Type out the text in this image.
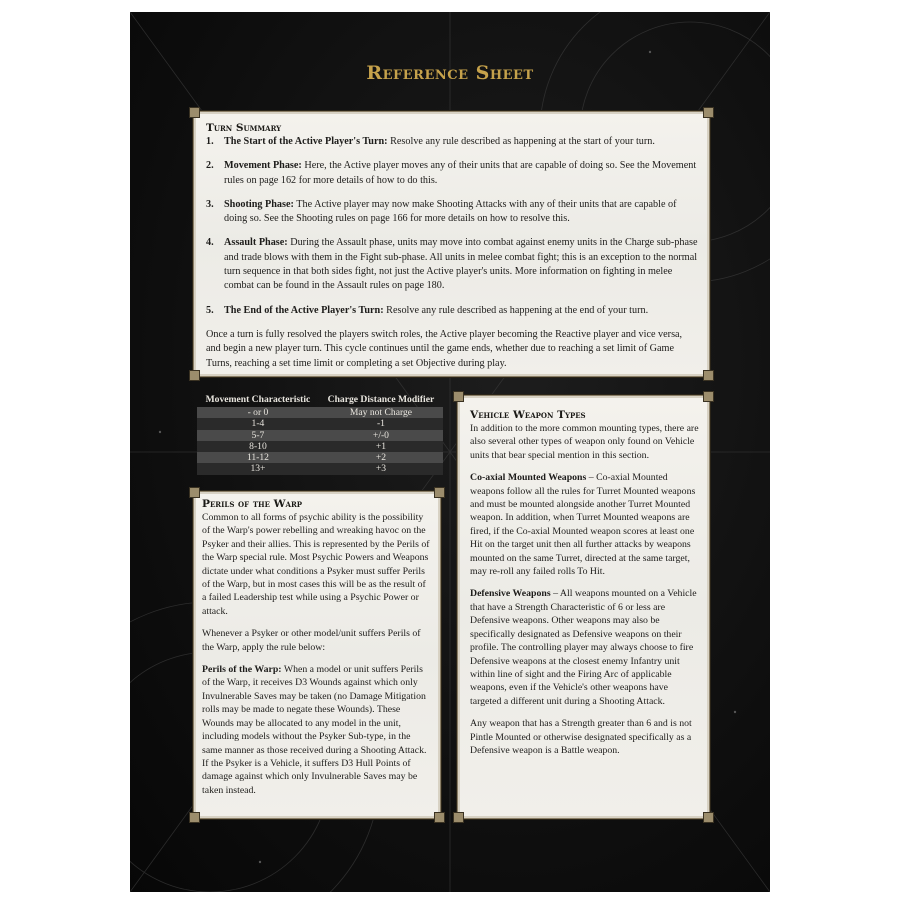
Reference Sheet
Turn Summary
1. The Start of the Active Player's Turn: Resolve any rule described as happening at the start of your turn.
2. Movement Phase: Here, the Active player moves any of their units that are capable of doing so. See the Movement rules on page 162 for more details of how to do this.
3. Shooting Phase: The Active player may now make Shooting Attacks with any of their units that are capable of doing so. See the Shooting rules on page 166 for more details on how to resolve this.
4. Assault Phase: During the Assault phase, units may move into combat against enemy units in the Charge sub-phase and trade blows with them in the Fight sub-phase. All units in melee combat fight; this is an exception to the normal turn sequence in that both sides fight, not just the Active player's units. More information on fighting in melee combat can be found in the Assault rules on page 180.
5. The End of the Active Player's Turn: Resolve any rule described as happening at the end of your turn.

Once a turn is fully resolved the players switch roles, the Active player becoming the Reactive player and vice versa, and begin a new player turn. This cycle continues until the game ends, whether due to reaching a set limit of Game Turns, reaching a set time limit or completing a set Objective during play.

Movement Characteristic	Charge Distance Modifier
- or 0	May not Charge
1-4	-1
5-7	+/-0
8-10	+1
11-12	+2
13+	+3
Perils of the Warp

Common to all forms of psychic ability is the possibility of the Warp's power rebelling and wreaking havoc on the Psyker and their allies. This is represented by the Perils of the Warp special rule. Most Psychic Powers and Weapons dictate under what conditions a Psyker must suffer Perils of the Warp, but in most cases this will be as the result of a failed Leadership test while using a Psychic Power or attack.

Whenever a Psyker or other model/unit suffers Perils of the Warp, apply the rule below:

Perils of the Warp: When a model or unit suffers Perils of the Warp, it receives D3 Wounds against which only Invulnerable Saves may be taken (no Damage Mitigation rolls may be made to negate these Wounds). These Wounds may be allocated to any model in the unit, including models without the Psyker Sub-type, in the same manner as those received during a Shooting Attack. If the Psyker is a Vehicle, it suffers D3 Hull Points of damage against which only Invulnerable Saves may be taken instead.

Vehicle Weapon Types

In addition to the more common mounting types, there are also several other types of weapon only found on Vehicle units that bear special mention in this section.

Co-axial Mounted Weapons – Co-axial Mounted weapons follow all the rules for Turret Mounted weapons and must be mounted alongside another Turret Mounted weapon. In addition, when Turret Mounted weapons are fired, if the Co-axial Mounted weapon scores at least one Hit on the target unit then all further attacks by weapons mounted on the same Turret, directed at the same target, may re-roll any failed rolls To Hit.

Defensive Weapons – All weapons mounted on a Vehicle that have a Strength Characteristic of 6 or less are Defensive weapons. Other weapons may also be specifically designated as Defensive weapons on their profile. The controlling player may always choose to fire Defensive weapons at the closest enemy Infantry unit within line of sight and the Firing Arc of applicable weapons, even if the Vehicle's other weapons have targeted a different unit during a Shooting Attack.

Any weapon that has a Strength greater than 6 and is not Pintle Mounted or otherwise designated specifically as a Defensive weapon is a Battle weapon.
